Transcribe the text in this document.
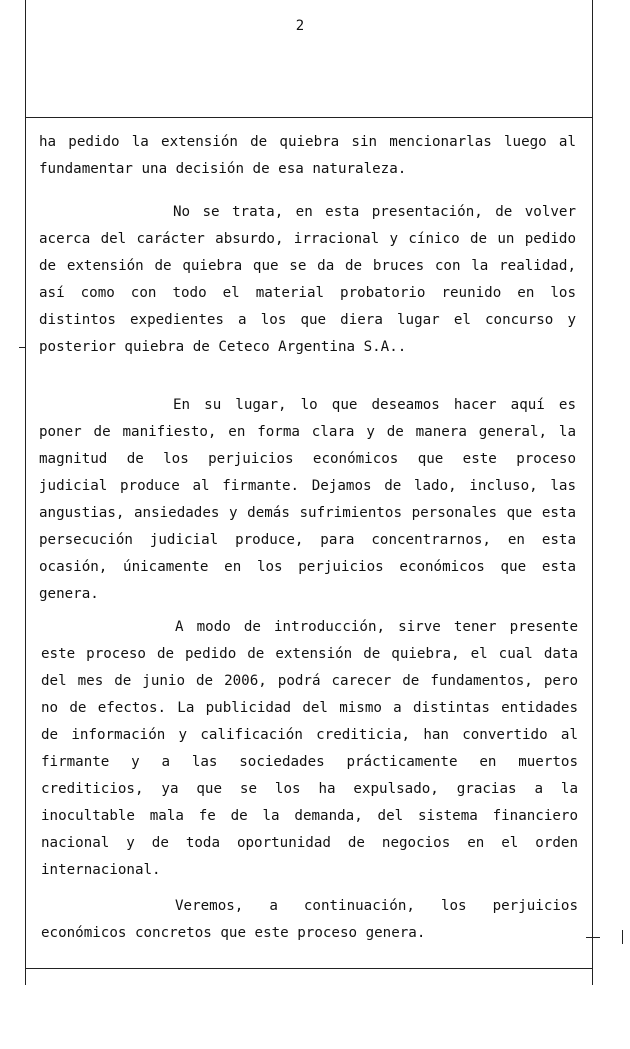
2

ha pedido la extensión de quiebra sin mencionarlas luego al fundamentar una decisión de esa naturaleza.

No se trata, en esta presentación, de volver acerca del carácter absurdo, irracional y cínico de un pedido de extensión de quiebra que se da de bruces con la realidad, así como con todo el material probatorio reunido en los distintos expedientes a los que diera lugar el concurso y posterior quiebra de Ceteco Argentina S.A..

En su lugar, lo que deseamos hacer aquí es poner de manifiesto, en forma clara y de manera general, la magnitud de los perjuicios económicos que este proceso judicial produce al firmante. Dejamos de lado, incluso, las angustias, ansiedades y demás sufrimientos personales que esta persecución judicial produce, para concentrarnos, en esta ocasión, únicamente en los perjuicios económicos que esta genera.

A modo de introducción, sirve tener presente este proceso de pedido de extensión de quiebra, el cual data del mes de junio de 2006, podrá carecer de fundamentos, pero no de efectos. La publicidad del mismo a distintas entidades de información y calificación crediticia, han convertido al firmante y a las sociedades prácticamente en muertos crediticios, ya que se los ha expulsado, gracias a la inocultable mala fe de la demanda, del sistema financiero nacional y de toda oportunidad de negocios en el orden internacional.

Veremos, a continuación, los perjuicios económicos concretos que este proceso genera.
